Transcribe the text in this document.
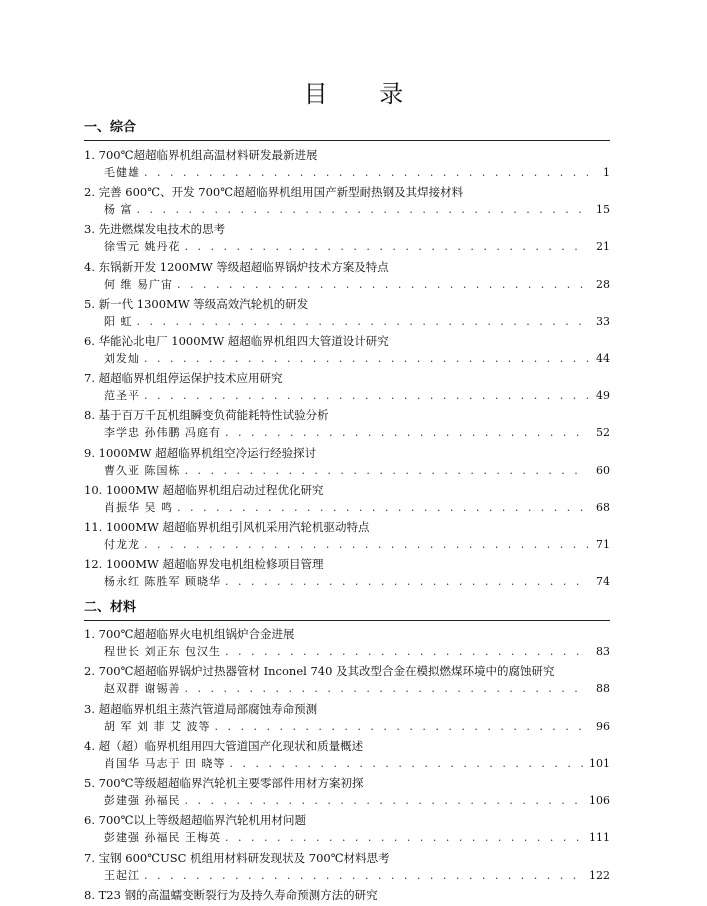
目 录
一、综合
1. 700℃超超临界机组高温材料研发最新进展
毛健雄 . . .	1
2. 完善 600℃、开发 700℃超超临界机组用国产新型耐热钢及其焊接材料
杨 富 . . .	15
3. 先进燃煤发电技术的思考
徐雪元 姚丹花 . . .	21
4. 东锅新开发 1200MW 等级超超临界锅炉技术方案及特点
何 维 易广宙 . . .	28
5. 新一代 1300MW 等级高效汽轮机的研发
阳 虹 . . .	33
6. 华能沁北电厂 1000MW 超超临界机组四大管道设计研究
刘发灿 . . .	44
7. 超超临界机组停运保护技术应用研究
范圣平 . . .	49
8. 基于百万千瓦机组瞬变负荷能耗特性试验分析
李学忠 孙伟鹏 冯庭有 . . .	52
9. 1000MW 超超临界机组空冷运行经验探讨
曹久亚 陈国栋 . . .	60
10. 1000MW 超超临界机组启动过程优化研究
肖振华 吴 鸣 . . .	68
11. 1000MW 超超临界机组引风机采用汽轮机驱动特点
付龙龙 . . .	71
12. 1000MW 超超临界发电机组检修项目管理
杨永红 陈胜军 顾晓华 . . .	74
二、材料
1. 700℃超超临界火电机组锅炉合金进展
程世长 刘正东 包汉生 . . .	83
2. 700℃超超临界锅炉过热器管材 Inconel 740 及其改型合金在模拟燃煤环境中的腐蚀研究
赵双群 谢锡善 . . .	88
3. 超超临界机组主蒸汽管道局部腐蚀寿命预测
胡 军 刘 菲 艾 波等 . . .	96
4. 超（超）临界机组用四大管道国产化现状和质量概述
肖国华 马志于 田 晓等 . . .	101
5. 700℃等级超超临界汽轮机主要零部件用材方案初探
彭建强 孙福民 . . .	106
6. 700℃以上等级超超临界汽轮机用材问题
彭建强 孙福民 王梅英 . . .	111
7. 宝钢 600℃USC 机组用材料研发现状及 700℃材料思考
王起江 . . .	122
8. T23 钢的高温蠕变断裂行为及持久寿命预测方法的研究
